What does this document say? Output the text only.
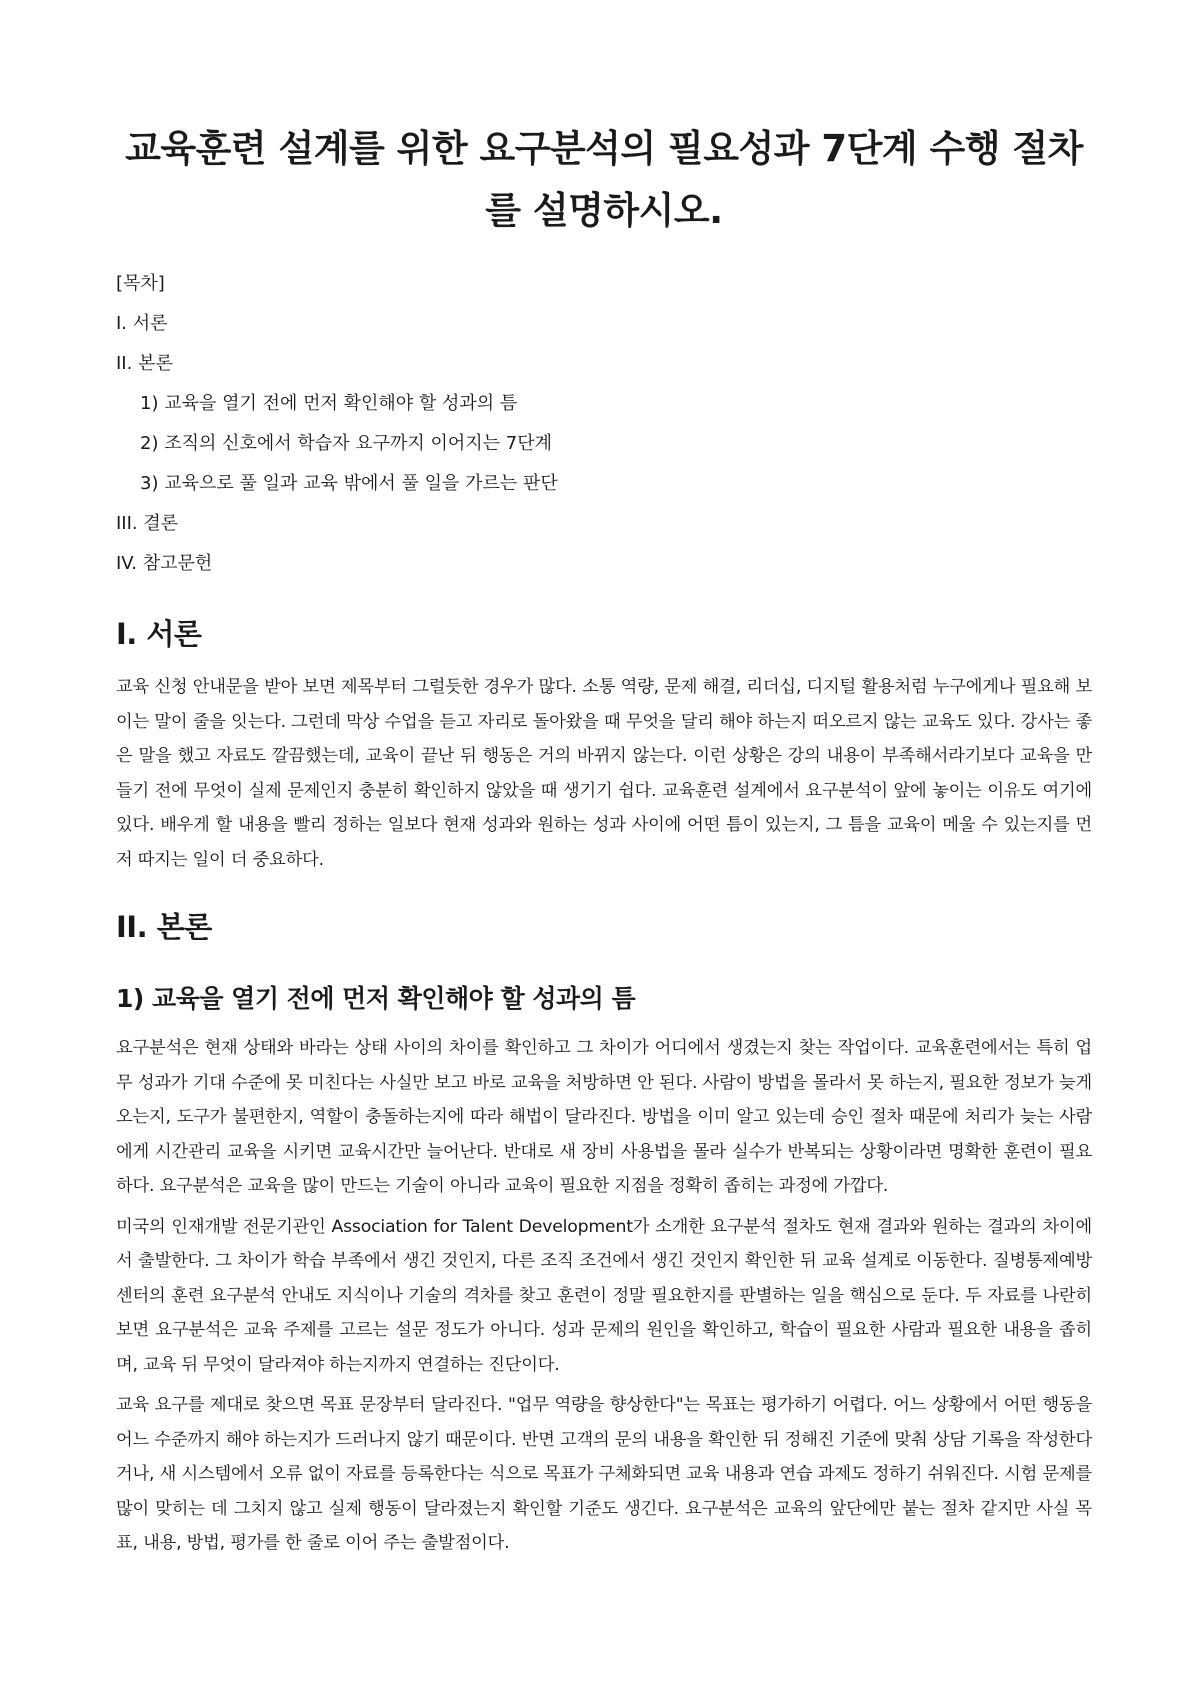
교육훈련 설계를 위한 요구분석의 필요성과 7단계 수행 절차를 설명하시오.

[목차]

I. 서론

II. 본론

1) 교육을 열기 전에 먼저 확인해야 할 성과의 틈

2) 조직의 신호에서 학습자 요구까지 이어지는 7단계

3) 교육으로 풀 일과 교육 밖에서 풀 일을 가르는 판단

III. 결론

IV. 참고문헌

I. 서론

교육 신청 안내문을 받아 보면 제목부터 그럴듯한 경우가 많다. 소통 역량, 문제 해결, 리더십, 디지털 활용처럼 누구에게나 필요해 보이는 말이 줄을 잇는다. 그런데 막상 수업을 듣고 자리로 돌아왔을 때 무엇을 달리 해야 하는지 떠오르지 않는 교육도 있다. 강사는 좋은 말을 했고 자료도 깔끔했는데, 교육이 끝난 뒤 행동은 거의 바뀌지 않는다. 이런 상황은 강의 내용이 부족해서라기보다 교육을 만들기 전에 무엇이 실제 문제인지 충분히 확인하지 않았을 때 생기기 쉽다. 교육훈련 설계에서 요구분석이 앞에 놓이는 이유도 여기에 있다. 배우게 할 내용을 빨리 정하는 일보다 현재 성과와 원하는 성과 사이에 어떤 틈이 있는지, 그 틈을 교육이 메울 수 있는지를 먼저 따지는 일이 더 중요하다.

II. 본론
1) 교육을 열기 전에 먼저 확인해야 할 성과의 틈

요구분석은 현재 상태와 바라는 상태 사이의 차이를 확인하고 그 차이가 어디에서 생겼는지 찾는 작업이다. 교육훈련에서는 특히 업무 성과가 기대 수준에 못 미친다는 사실만 보고 바로 교육을 처방하면 안 된다. 사람이 방법을 몰라서 못 하는지, 필요한 정보가 늦게 오는지, 도구가 불편한지, 역할이 충돌하는지에 따라 해법이 달라진다. 방법을 이미 알고 있는데 승인 절차 때문에 처리가 늦는 사람에게 시간관리 교육을 시키면 교육시간만 늘어난다. 반대로 새 장비 사용법을 몰라 실수가 반복되는 상황이라면 명확한 훈련이 필요하다. 요구분석은 교육을 많이 만드는 기술이 아니라 교육이 필요한 지점을 정확히 좁히는 과정에 가깝다.

미국의 인재개발 전문기관인 Association for Talent Development가 소개한 요구분석 절차도 현재 결과와 원하는 결과의 차이에서 출발한다. 그 차이가 학습 부족에서 생긴 것인지, 다른 조직 조건에서 생긴 것인지 확인한 뒤 교육 설계로 이동한다. 질병통제예방센터의 훈련 요구분석 안내도 지식이나 기술의 격차를 찾고 훈련이 정말 필요한지를 판별하는 일을 핵심으로 둔다. 두 자료를 나란히 보면 요구분석은 교육 주제를 고르는 설문 정도가 아니다. 성과 문제의 원인을 확인하고, 학습이 필요한 사람과 필요한 내용을 좁히며, 교육 뒤 무엇이 달라져야 하는지까지 연결하는 진단이다.

교육 요구를 제대로 찾으면 목표 문장부터 달라진다. "업무 역량을 향상한다"는 목표는 평가하기 어렵다. 어느 상황에서 어떤 행동을 어느 수준까지 해야 하는지가 드러나지 않기 때문이다. 반면 고객의 문의 내용을 확인한 뒤 정해진 기준에 맞춰 상담 기록을 작성한다거나, 새 시스템에서 오류 없이 자료를 등록한다는 식으로 목표가 구체화되면 교육 내용과 연습 과제도 정하기 쉬워진다. 시험 문제를 많이 맞히는 데 그치지 않고 실제 행동이 달라졌는지 확인할 기준도 생긴다. 요구분석은 교육의 앞단에만 붙는 절차 같지만 사실 목표, 내용, 방법, 평가를 한 줄로 이어 주는 출발점이다.
